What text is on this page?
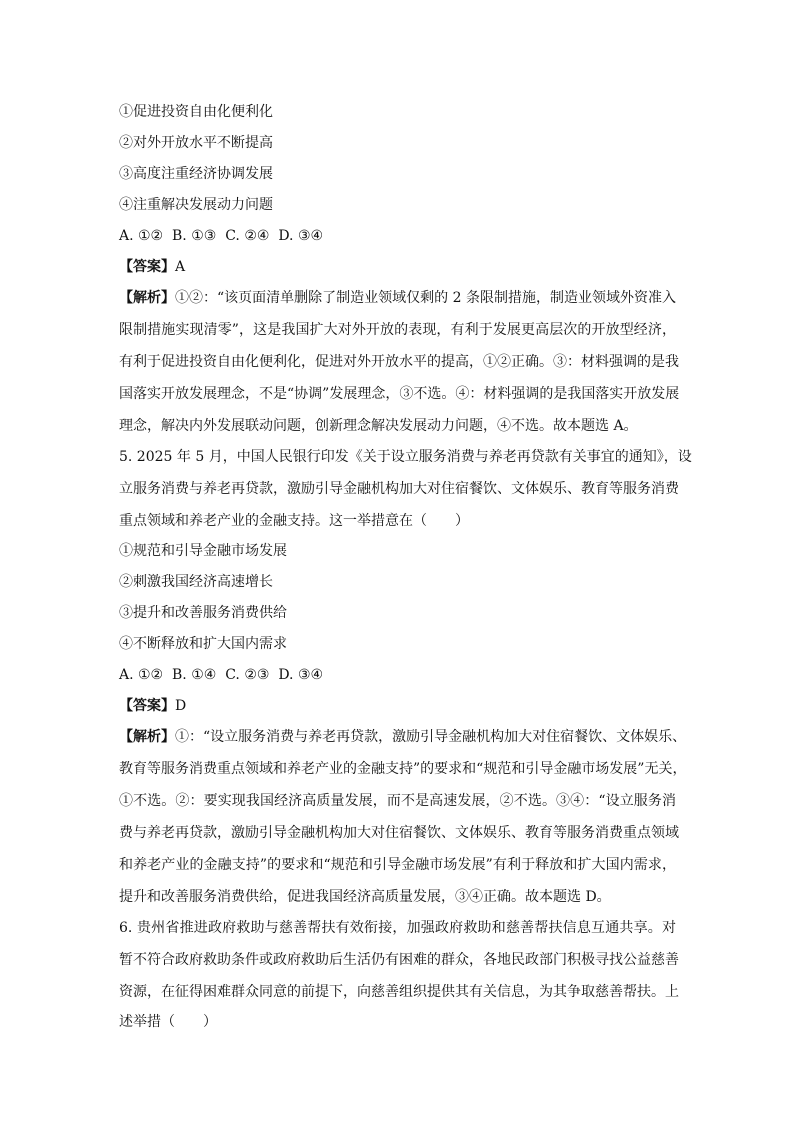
①促进投资自由化便利化
②对外开放水平不断提高
③高度注重经济协调发展
④注重解决发展动力问题
A. ①②  B. ①③  C. ②④  D. ③④
【答案】A
【解析】①②：“该页面清单删除了制造业领域仅剩的 2 条限制措施，制造业领域外资准入
限制措施实现清零”，这是我国扩大对外开放的表现，有利于发展更高层次的开放型经济，
有利于促进投资自由化便利化，促进对外开放水平的提高，①②正确。③：材料强调的是我
国落实开放发展理念，不是“协调”发展理念，③不选。④：材料强调的是我国落实开放发展
理念，解决内外发展联动问题，创新理念解决发展动力问题，④不选。故本题选 A。
5. 2025 年 5 月，中国人民银行印发《关于设立服务消费与养老再贷款有关事宜的通知》，设
立服务消费与养老再贷款，激励引导金融机构加大对住宿餐饮、文体娱乐、教育等服务消费
重点领域和养老产业的金融支持。这一举措意在（　　）
①规范和引导金融市场发展
②刺激我国经济高速增长
③提升和改善服务消费供给
④不断释放和扩大国内需求
A. ①②  B. ①④  C. ②③  D. ③④
【答案】D
【解析】①：“设立服务消费与养老再贷款，激励引导金融机构加大对住宿餐饮、文体娱乐、
教育等服务消费重点领域和养老产业的金融支持”的要求和“规范和引导金融市场发展”无关，
①不选。②：要实现我国经济高质量发展，而不是高速发展，②不选。③④：“设立服务消
费与养老再贷款，激励引导金融机构加大对住宿餐饮、文体娱乐、教育等服务消费重点领域
和养老产业的金融支持”的要求和“规范和引导金融市场发展”有利于释放和扩大国内需求，
提升和改善服务消费供给，促进我国经济高质量发展，③④正确。故本题选 D。
6. 贵州省推进政府救助与慈善帮扶有效衔接，加强政府救助和慈善帮扶信息互通共享。对
暂不符合政府救助条件或政府救助后生活仍有困难的群众，各地民政部门积极寻找公益慈善
资源，在征得困难群众同意的前提下，向慈善组织提供其有关信息，为其争取慈善帮扶。上
述举措（　　）
